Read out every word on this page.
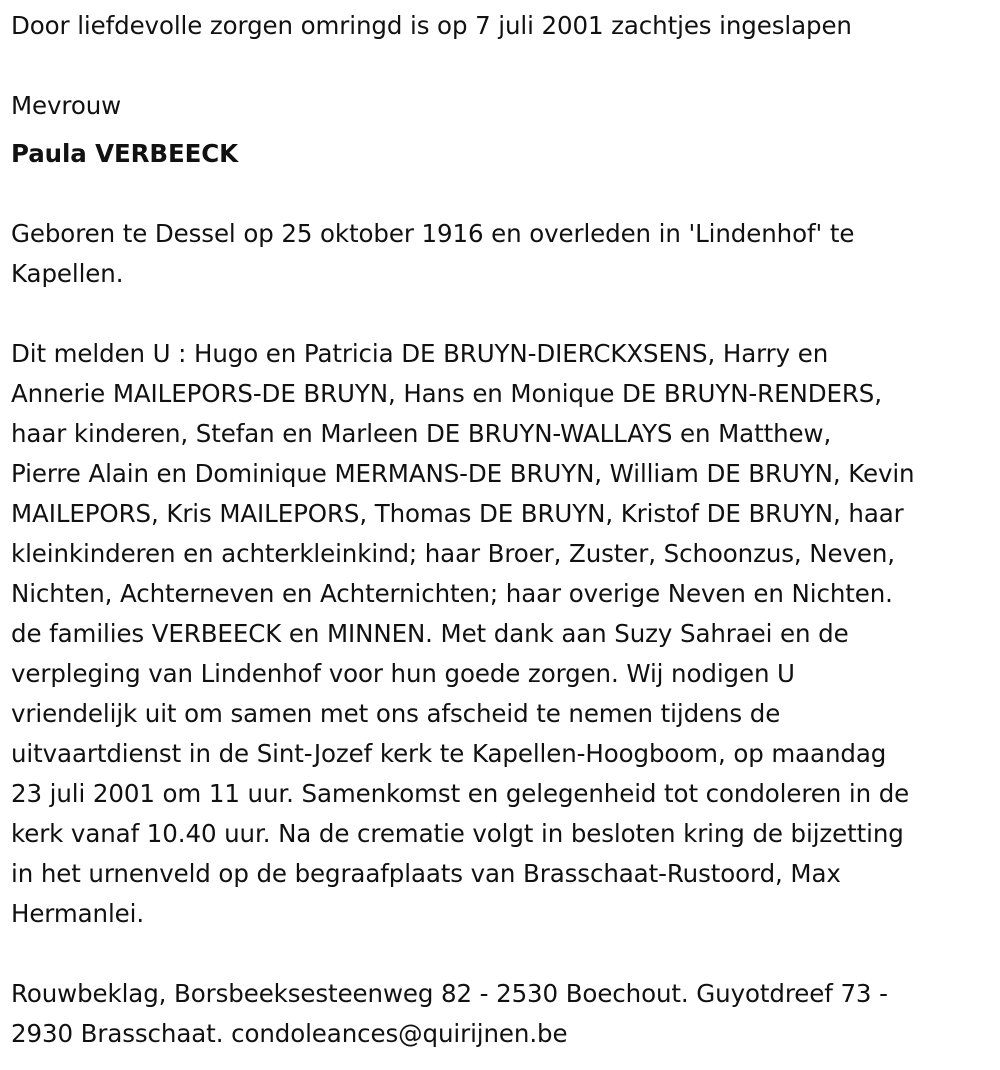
Door liefdevolle zorgen omringd is op 7 juli 2001 zachtjes ingeslapen
Mevrouw
Paula VERBEECK
Geboren te Dessel op 25 oktober 1916 en overleden in 'Lindenhof' te
Kapellen.
Dit melden U : Hugo en Patricia DE BRUYN-DIERCKXSENS, Harry en
Annerie MAILEPORS-DE BRUYN, Hans en Monique DE BRUYN-RENDERS,
haar kinderen, Stefan en Marleen DE BRUYN-WALLAYS en Matthew,
Pierre Alain en Dominique MERMANS-DE BRUYN, William DE BRUYN, Kevin
MAILEPORS, Kris MAILEPORS, Thomas DE BRUYN, Kristof DE BRUYN, haar
kleinkinderen en achterkleinkind; haar Broer, Zuster, Schoonzus, Neven,
Nichten, Achterneven en Achternichten; haar overige Neven en Nichten.
de families VERBEECK en MINNEN. Met dank aan Suzy Sahraei en de
verpleging van Lindenhof voor hun goede zorgen. Wij nodigen U
vriendelijk uit om samen met ons afscheid te nemen tijdens de
uitvaartdienst in de Sint-Jozef kerk te Kapellen-Hoogboom, op maandag
23 juli 2001 om 11 uur. Samenkomst en gelegenheid tot condoleren in de
kerk vanaf 10.40 uur. Na de crematie volgt in besloten kring de bijzetting
in het urnenveld op de begraafplaats van Brasschaat-Rustoord, Max
Hermanlei.
Rouwbeklag, Borsbeeksesteenweg 82 - 2530 Boechout. Guyotdreef 73 -
2930 Brasschaat. condoleances@quirijnen.be
